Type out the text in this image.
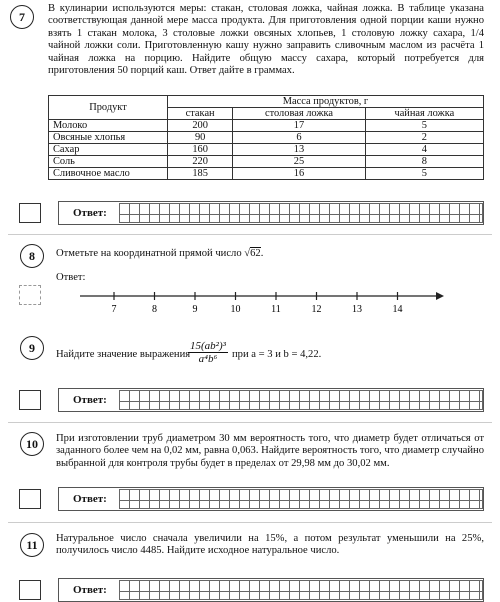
7
В кулинарии используются меры: стакан, столовая ложка, чайная ложка. В таблице указана соответствующая данной мере масса продукта. Для приготовления одной порции каши нужно взять 1 стакан молока, 3 столовые ложки овсяных хлопьев, 1 столовую ложку сахара, 1/4 чайной ложки соли. Приготовленную кашу нужно заправить сливочным маслом из расчёта 1 чайная ложка на порцию. Найдите общую массу сахара, который потребуется для приготовления 50 порций каш. Ответ дайте в граммах.
Продукт	Масса продуктов, г		
	стакан	столовая ложка	чайная ложка
Молоко	200	17	5
Овсяные хлопья	90	6	2
Сахар	160	13	4
Соль	220	25	8
Сливочное масло	185	16	5
Ответ:
8	Отметьте на координатной прямой число √62.
Ответ:
7	8	9	10	11	12	13	14
9	Найдите значение выражения
$\frac{\text{15(ab²)³}}{\text{a⁴b⁶}}$ при a = 3 и b = 4,22.
Ответ:
10	При изготовлении труб диаметром 30 мм вероятность того, что диаметр будет отличаться от заданного более чем на 0,02 мм, равна 0,063. Найдите вероятность того, что диаметр случайно выбранной для контроля трубы будет в пределах от 29,98 мм до 30,02 мм.
Ответ:
11	Натуральное число сначала увеличили на 15%, а потом результат уменьшили на 25%, получилось число 4485. Найдите исходное натуральное число.
Ответ:
